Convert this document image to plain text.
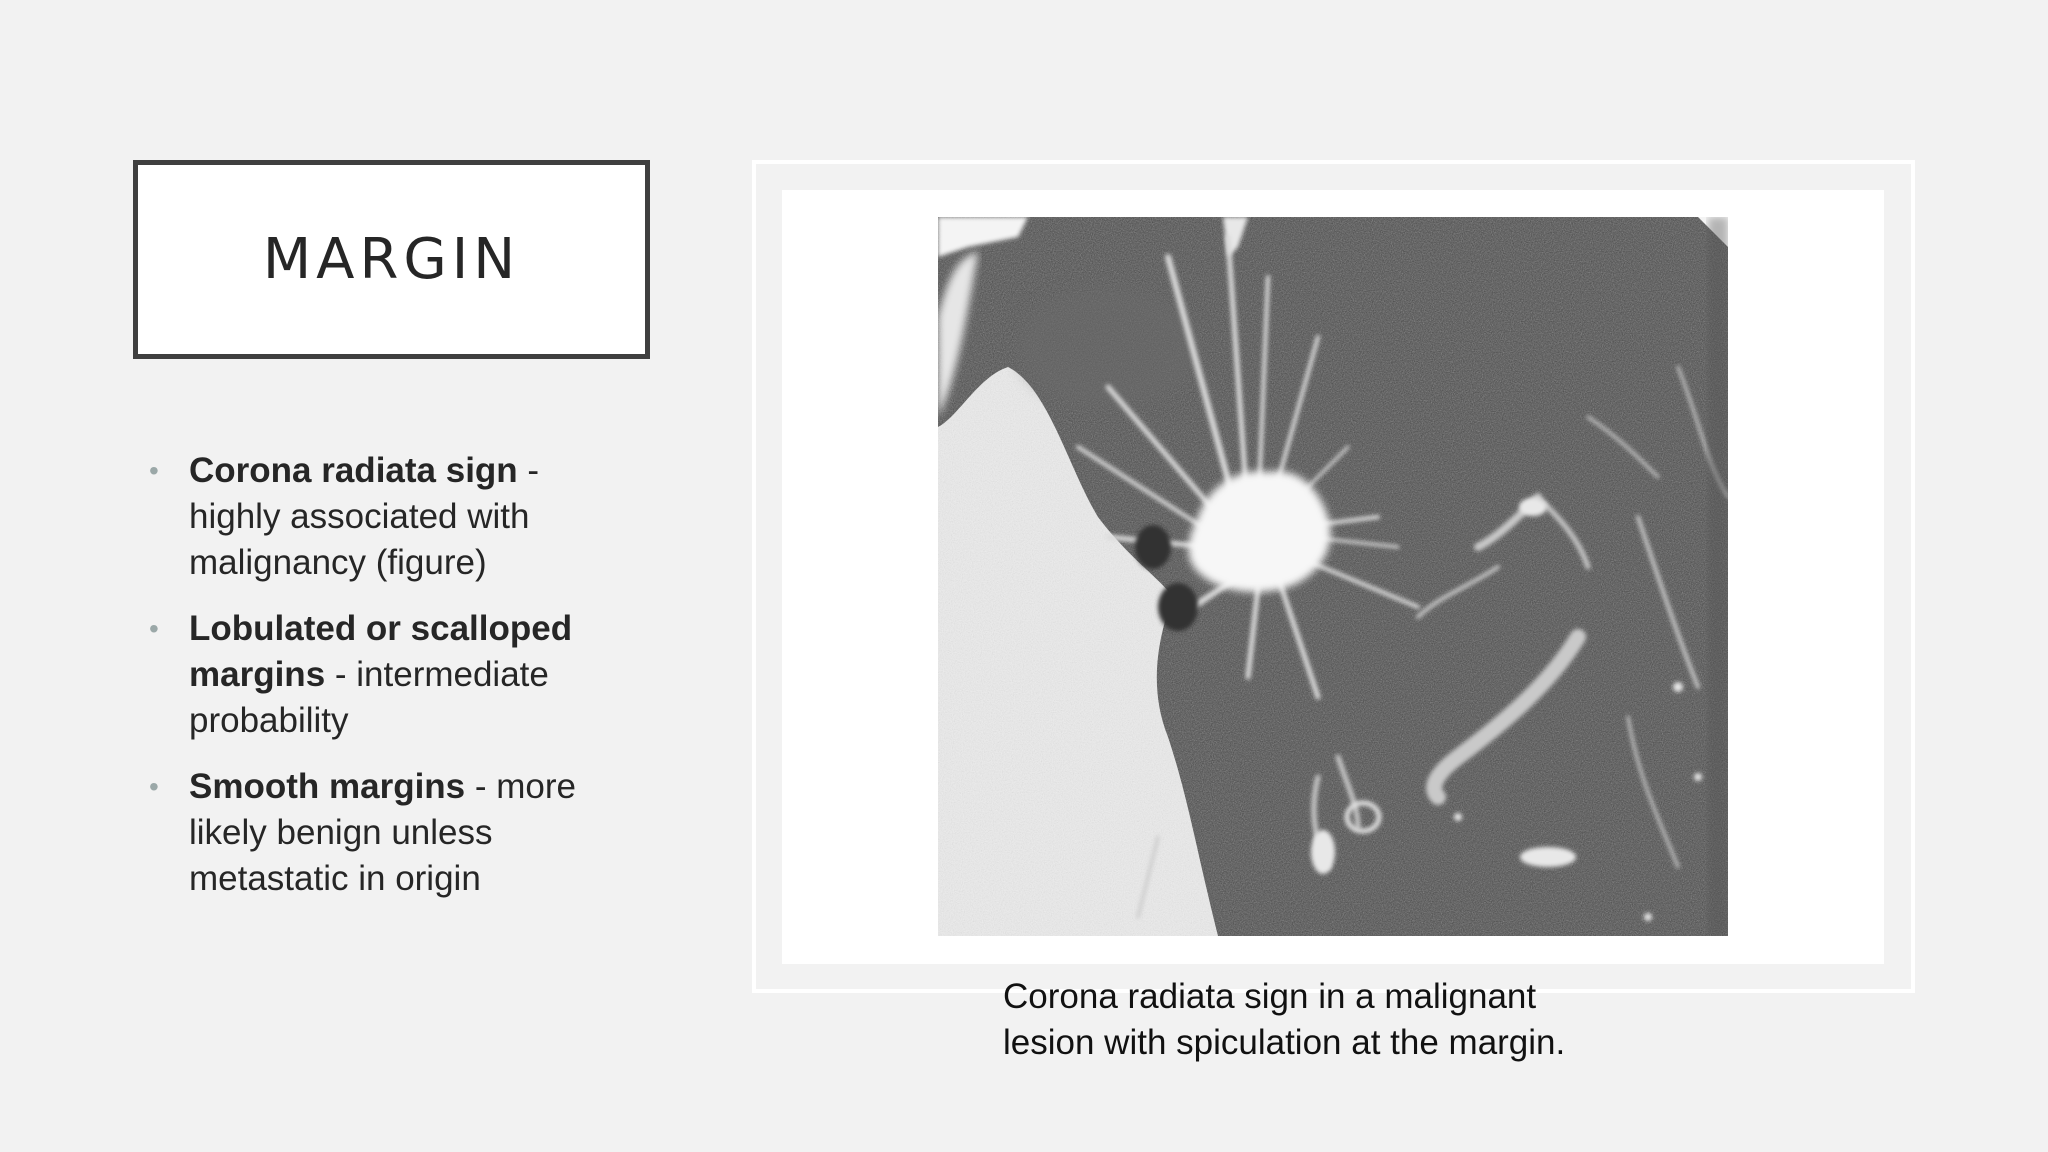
MARGIN
• Corona radiata sign - highly associated with malignancy (figure)
• Lobulated or scalloped margins - intermediate probability
• Smooth margins - more likely benign unless metastatic in origin
Corona radiata sign in a malignant lesion with spiculation at the margin.
